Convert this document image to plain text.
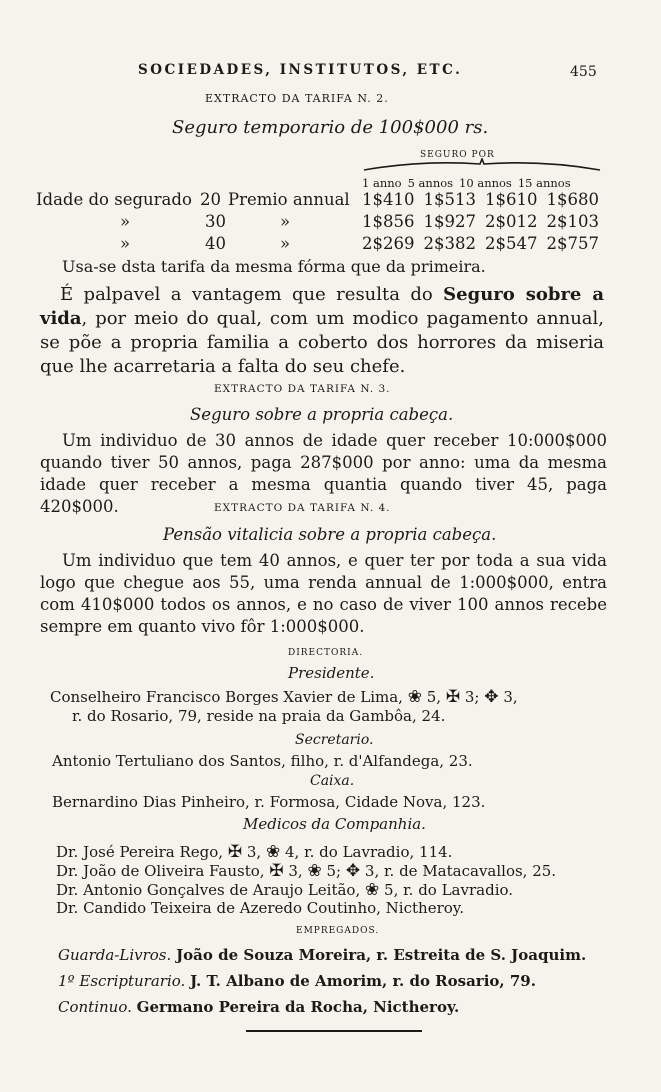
SOCIEDADES, INSTITUTOS, ETC.	455
EXTRACTO DA TARIFA N. 2.
Seguro temporario de 100$000 rs.
SEGURO POR
1 anno 5 annos 10 annos 15 annos
Idade do segurado 20 Premio annual 1$410 1$513 1$610 1$680
»	30	»	1$856 1$927 2$012 2$103
»	40	»	2$269 2$382 2$547 2$757
Usa-se dsta tarifa da mesma fórma que da primeira.
É palpavel a vantagem que resulta do Seguro sobre a vida, por meio do qual, com um modico pagamento annual, se põe a propria familia a coberto dos horrores da miseria que lhe acarretaria a falta do seu chefe.
EXTRACTO DA TARIFA N. 3.
Seguro sobre a propria cabeça.
Um individuo de 30 annos de idade quer receber 10:000$000 quando tiver 50 annos, paga 287$000 por anno: uma da mesma idade quer receber a mesma quantia quando tiver 45, paga 420$000.	EXTRACTO DA TARIFA N. 4.
Pensão vitalicia sobre a propria cabeça.
Um individuo que tem 40 annos, e quer ter por toda a sua vida logo que chegue aos 55, uma renda annual de 1:000$000, entra com 410$000 todos os annos, e no caso de viver 100 annos recebe sempre em quanto vivo fôr 1:000$000.
DIRECTORIA.
Presidente.
Conselheiro Francisco Borges Xavier de Lima, ❀ 5, ✠ 3; ✥ 3,
r. do Rosario, 79, reside na praia da Gambôa, 24.
Secretario.
Antonio Tertuliano dos Santos, filho, r. d'Alfandega, 23.
Caixa.
Bernardino Dias Pinheiro, r. Formosa, Cidade Nova, 123.
Medicos da Companhia.
Dr. José Pereira Rego, ✠ 3, ❀ 4, r. do Lavradio, 114.
Dr. João de Oliveira Fausto, ✠ 3, ❀ 5; ✥ 3, r. de Matacavallos, 25.
Dr. Antonio Gonçalves de Araujo Leitão, ❀ 5, r. do Lavradio.
Dr. Candido Teixeira de Azeredo Coutinho, Nictheroy.
EMPREGADOS.
Guarda-Livros. João de Souza Moreira, r. Estreita de S. Joaquim.
1º Escripturario. J. T. Albano de Amorim, r. do Rosario, 79.
Continuo. Germano Pereira da Rocha, Nictheroy.
